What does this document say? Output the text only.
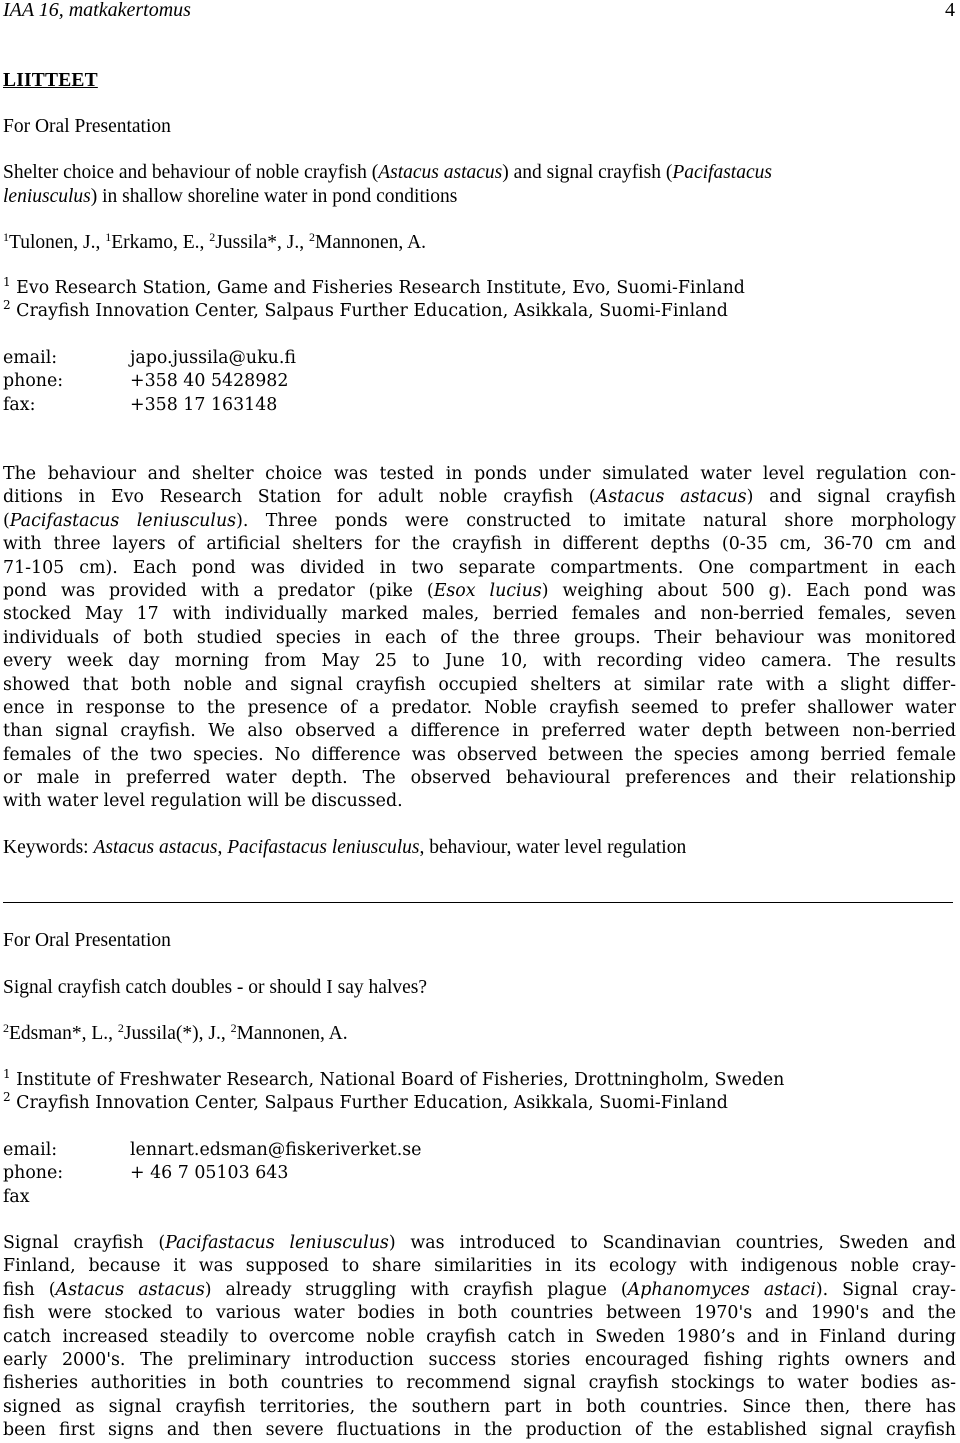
IAA 16, matkakertomus	4
LIITTEET
For Oral Presentation
Shelter choice and behaviour of noble crayfish (Astacus astacus) and signal crayfish (Pacifastacus
leniusculus) in shallow shoreline water in pond conditions
$^1$Tulonen, J., $^1$Erkamo, E., $^2$Jussila*, J., $^2$Mannonen, A.
$^1$ Evo Research Station, Game and Fisheries Research Institute, Evo, Suomi-Finland
$^2$ Crayfish Innovation Center, Salpaus Further Education, Asikkala, Suomi-Finland
email:	japo.jussila@uku.fi
phone:	+358 40 5428982
fax:	+358 17 163148
The behaviour and shelter choice was tested in ponds under simulated water level regulation con-
ditions in Evo Research Station for adult noble crayfish (Astacus astacus) and signal crayfish
(Pacifastacus leniusculus). Three ponds were constructed to imitate natural shore morphology
with three layers of artificial shelters for the crayfish in different depths (0-35 cm, 36-70 cm and
71-105 cm). Each pond was divided in two separate compartments. One compartment in each
pond was provided with a predator (pike (Esox lucius) weighing about 500 g). Each pond was
stocked May 17 with individually marked males, berried females and non-berried females, seven
individuals of both studied species in each of the three groups. Their behaviour was monitored
every week day morning from May 25 to June 10, with recording video camera. The results
showed that both noble and signal crayfish occupied shelters at similar rate with a slight differ-
ence in response to the presence of a predator. Noble crayfish seemed to prefer shallower water
than signal crayfish. We also observed a difference in preferred water depth between non-berried
females of the two species. No difference was observed between the species among berried female
or male in preferred water depth. The observed behavioural preferences and their relationship
with water level regulation will be discussed.
Keywords: Astacus astacus, Pacifastacus leniusculus, behaviour, water level regulation
For Oral Presentation
Signal crayfish catch doubles - or should I say halves?
$^2$Edsman*, L., $^2$Jussila(*), J., $^2$Mannonen, A.
$^1$ Institute of Freshwater Research, National Board of Fisheries, Drottningholm, Sweden
$^2$ Crayfish Innovation Center, Salpaus Further Education, Asikkala, Suomi-Finland
email:	lennart.edsman@fiskeriverket.se
phone:	+ 46 7 05103 643
fax
Signal crayfish (Pacifastacus leniusculus) was introduced to Scandinavian countries, Sweden and
Finland, because it was supposed to share similarities in its ecology with indigenous noble cray-
fish (Astacus astacus) already struggling with crayfish plague (Aphanomyces astaci). Signal cray-
fish were stocked to various water bodies in both countries between 1970's and 1990's and the
catch increased steadily to overcome noble crayfish catch in Sweden 1980’s and in Finland during
early 2000's. The preliminary introduction success stories encouraged fishing rights owners and
fisheries authorities in both countries to recommend signal crayfish stockings to water bodies as-
signed as signal crayfish territories, the southern part in both countries. Since then, there has
been first signs and then severe fluctuations in the production of the established signal crayfish
